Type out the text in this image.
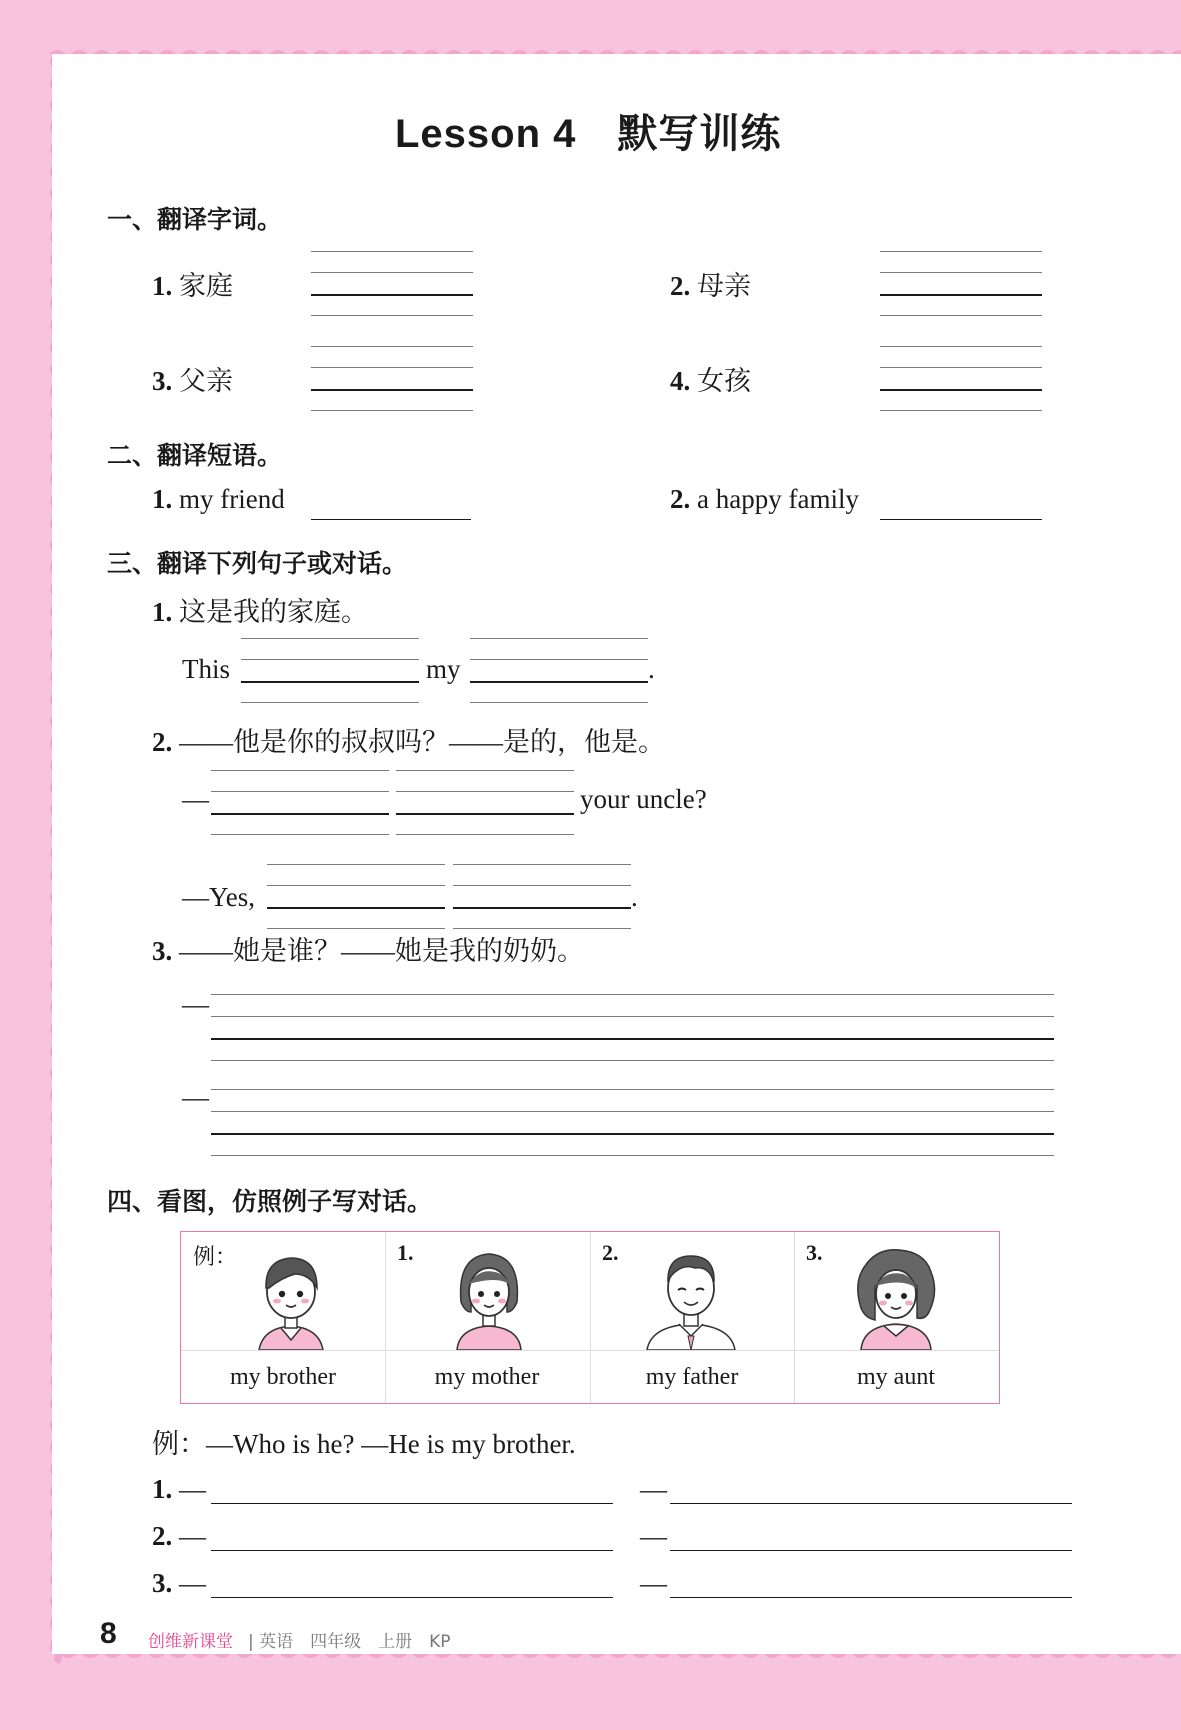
Lesson 4　默写训练
一、翻译字词。
1. 家庭	2. 母亲
3. 父亲	4. 女孩
二、翻译短语。
1. my friend	2. a happy family
三、翻译下列句子或对话。
1. 这是我的家庭。
This	my	.
2. ——他是你的叔叔吗？——是的，他是。
—	your uncle?
—Yes,	.
3. ——她是谁？——她是我的奶奶。
—
—
四、看图，仿照例子写对话。
例：
my brother
1.
my mother
2.
my father
3.
my aunt
例：—Who is he? —He is my brother.
1. —	—
2. —	—
3. —	—
8 创维新课堂 | 英语　四年级　上册　KP
